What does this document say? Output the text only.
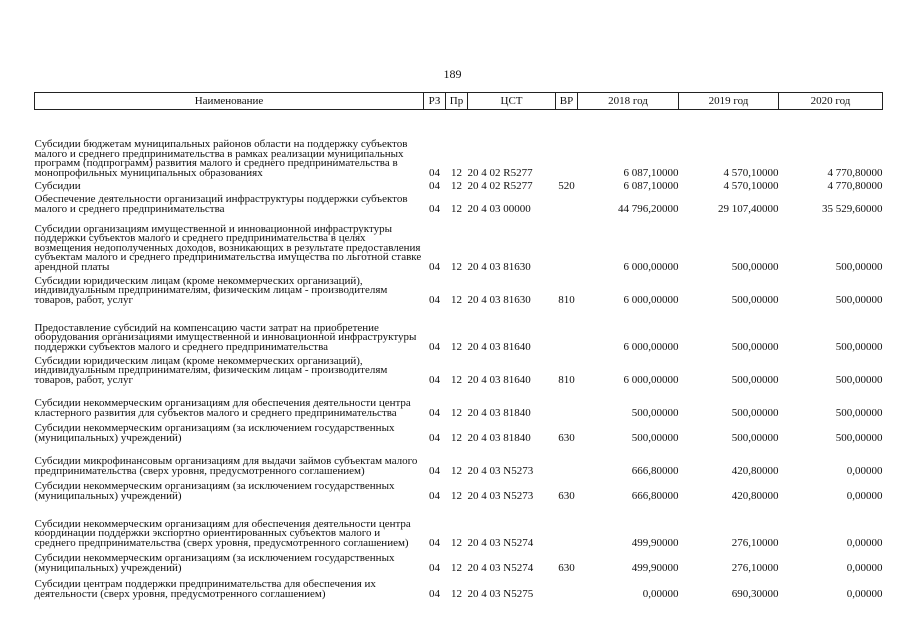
189
Наименование	РЗ	Пр	ЦСТ	ВР	2018 год	2019 год	2020 год
Субсидии бюджетам муниципальных районов области на поддержку субъектов малого и среднего предпринимательства в рамках реализации муниципальных программ (подпрограмм) развития малого и среднего предпринимательства в монопрофильных муниципальных образованиях	04	12	20 4 02 R5277		6 087,10000	4 570,10000	4 770,80000
Субсидии	04	12	20 4 02 R5277	520	6 087,10000	4 570,10000	4 770,80000
Обеспечение деятельности организаций инфраструктуры поддержки субъектов малого и среднего предпринимательства	04	12	20 4 03 00000		44 796,20000	29 107,40000	35 529,60000
Субсидии организациям имущественной и инновационной инфраструктуры поддержки субъектов малого и среднего предпринимательства в целях возмещения недополученных доходов, возникающих в результате предоставления субъектам малого и среднего предпринимательства имущества по льготной ставке арендной платы	04	12	20 4 03 81630		6 000,00000	500,00000	500,00000
Субсидии юридическим лицам (кроме некоммерческих организаций), индивидуальным предпринимателям, физическим лицам - производителям товаров, работ, услуг	04	12	20 4 03 81630	810	6 000,00000	500,00000	500,00000
Предоставление субсидий на компенсацию части затрат на приобретение оборудования организациями имущественной и инновационной инфраструктуры поддержки субъектов малого и среднего предпринимательства	04	12	20 4 03 81640		6 000,00000	500,00000	500,00000
Субсидии юридическим лицам (кроме некоммерческих организаций), индивидуальным предпринимателям, физическим лицам - производителям товаров, работ, услуг	04	12	20 4 03 81640	810	6 000,00000	500,00000	500,00000
Субсидии некоммерческим организациям для обеспечения деятельности центра кластерного развития для субъектов малого и среднего предпринимательства	04	12	20 4 03 81840		500,00000	500,00000	500,00000
Субсидии некоммерческим организациям (за исключением государственных (муниципальных) учреждений)	04	12	20 4 03 81840	630	500,00000	500,00000	500,00000
Субсидии микрофинансовым организациям для выдачи займов субъектам малого предпринимательства (сверх уровня, предусмотренного соглашением)	04	12	20 4 03 N5273		666,80000	420,80000	0,00000
Субсидии некоммерческим организациям (за исключением государственных (муниципальных) учреждений)	04	12	20 4 03 N5273	630	666,80000	420,80000	0,00000
Субсидии некоммерческим организациям для обеспечения деятельности центра координации поддержки экспортно ориентированных субъектов малого и среднего предпринимательства (сверх уровня, предусмотренного соглашением)	04	12	20 4 03 N5274		499,90000	276,10000	0,00000
Субсидии некоммерческим организациям (за исключением государственных (муниципальных) учреждений)	04	12	20 4 03 N5274	630	499,90000	276,10000	0,00000
Субсидии центрам поддержки предпринимательства для обеспечения их деятельности (сверх уровня, предусмотренного соглашением)	04	12	20 4 03 N5275		0,00000	690,30000	0,00000
